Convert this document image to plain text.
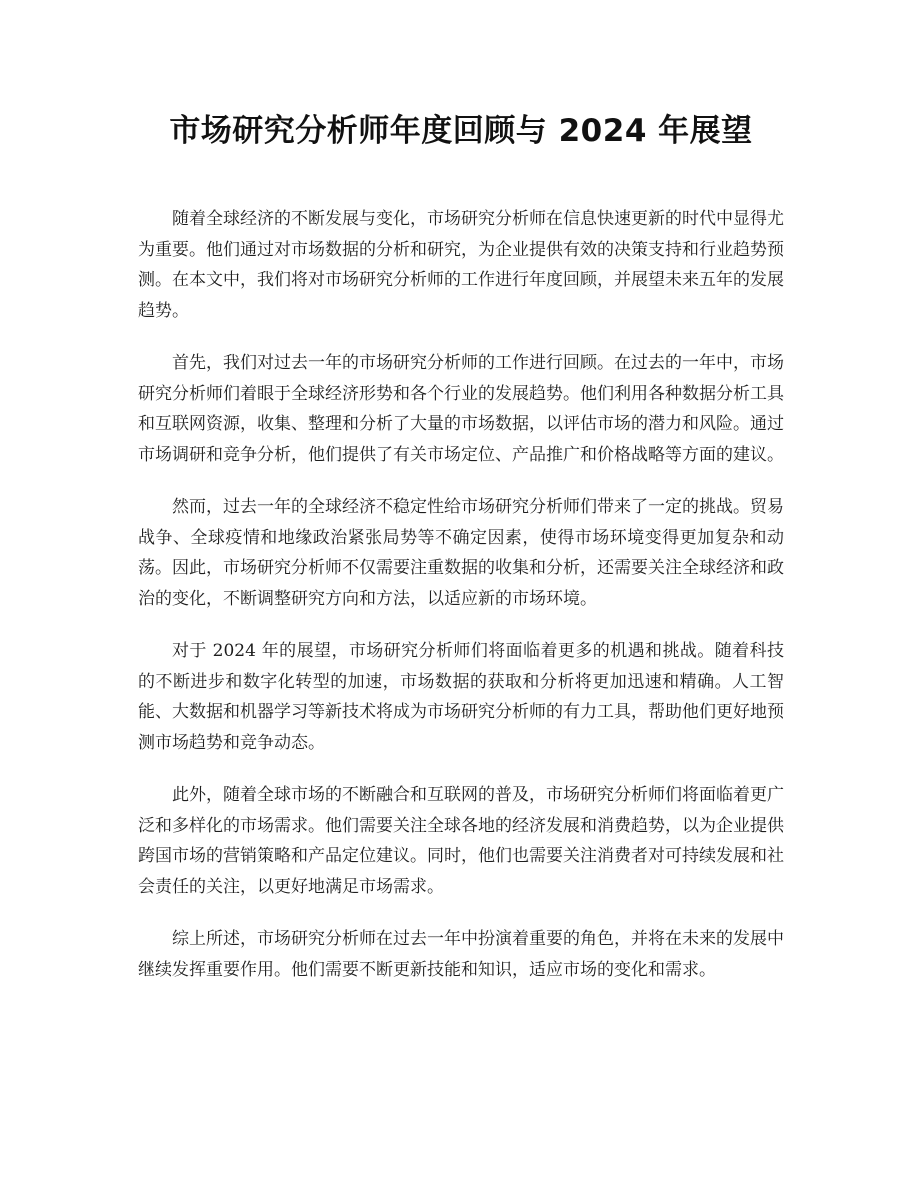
市场研究分析师年度回顾与 2024 年展望

随着全球经济的不断发展与变化，市场研究分析师在信息快速更新的时代中显得尤为重要。他们通过对市场数据的分析和研究，为企业提供有效的决策支持和行业趋势预测。在本文中，我们将对市场研究分析师的工作进行年度回顾，并展望未来五年的发展趋势。

首先，我们对过去一年的市场研究分析师的工作进行回顾。在过去的一年中，市场研究分析师们着眼于全球经济形势和各个行业的发展趋势。他们利用各种数据分析工具和互联网资源，收集、整理和分析了大量的市场数据，以评估市场的潜力和风险。通过市场调研和竞争分析，他们提供了有关市场定位、产品推广和价格战略等方面的建议。

然而，过去一年的全球经济不稳定性给市场研究分析师们带来了一定的挑战。贸易战争、全球疫情和地缘政治紧张局势等不确定因素，使得市场环境变得更加复杂和动荡。因此，市场研究分析师不仅需要注重数据的收集和分析，还需要关注全球经济和政治的变化，不断调整研究方向和方法，以适应新的市场环境。

对于 2024 年的展望，市场研究分析师们将面临着更多的机遇和挑战。随着科技的不断进步和数字化转型的加速，市场数据的获取和分析将更加迅速和精确。人工智能、大数据和机器学习等新技术将成为市场研究分析师的有力工具，帮助他们更好地预测市场趋势和竞争动态。

此外，随着全球市场的不断融合和互联网的普及，市场研究分析师们将面临着更广泛和多样化的市场需求。他们需要关注全球各地的经济发展和消费趋势，以为企业提供跨国市场的营销策略和产品定位建议。同时，他们也需要关注消费者对可持续发展和社会责任的关注，以更好地满足市场需求。

综上所述，市场研究分析师在过去一年中扮演着重要的角色，并将在未来的发展中继续发挥重要作用。他们需要不断更新技能和知识，适应市场的变化和需求。
